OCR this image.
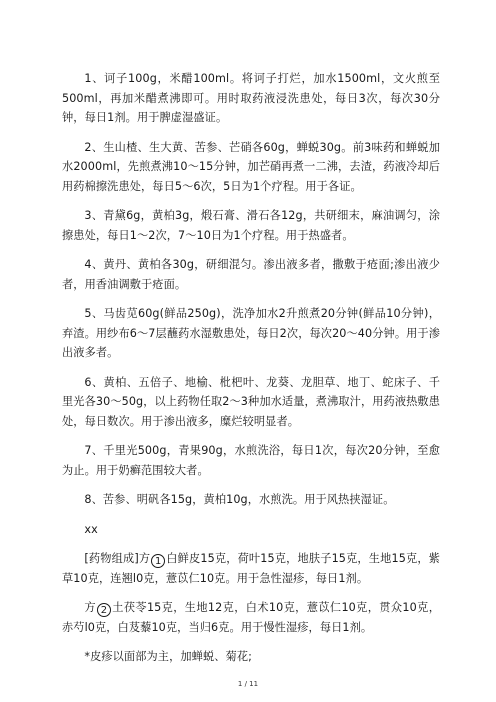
1、诃子100g，米醋100ml。将诃子打烂，加水1500ml，文火煎至500ml，再加米醋煮沸即可。用时取药液浸洗患处，每日3次，每次30分钟，每日1剂。用于脾虚湿盛证。

2、生山楂、生大黄、苦参、芒硝各60g，蝉蜕30g。前3味药和蝉蜕加水2000ml，先煎煮沸10～15分钟，加芒硝再煮一二沸，去渣，药液冷却后用药棉擦洗患处，每日5～6次，5日为1个疗程。用于各证。

3、青黛6g，黄柏3g，煅石膏、滑石各12g，共研细末，麻油调匀，涂擦患处，每日1～2次，7～10日为1个疗程。用于热盛者。

4、黄丹、黄柏各30g，研细混匀。渗出液多者，撒敷于疮面;渗出液少者，用香油调敷于疮面。

5、马齿苋60g(鲜品250g)，洗净加水2升煎煮20分钟(鲜品10分钟)，弃渣。用纱布6～7层蘸药水湿敷患处，每日2次，每次20～40分钟。用于渗出液多者。

6、黄柏、五倍子、地榆、枇杷叶、龙葵、龙胆草、地丁、蛇床子、千里光各30～50g，以上药物任取2～3种加水适量，煮沸取汁，用药液热敷患处，每日数次。用于渗出液多，糜烂较明显者。

7、千里光500g，青果90g，水煎洗浴，每日1次，每次20分钟，至愈为止。用于奶癣范围较大者。

8、苦参、明矾各15g，黄柏10g，水煎洗。用于风热挟湿证。

xx

[药物组成]方 1 白鲜皮15克，荷叶15克，地肤子15克，生地15克，紫草10克，连翘l0克，薏苡仁10克。用于急性湿疹，每日1剂。

方 2 土茯苓15克，生地12克，白术10克，薏苡仁10克，贯众10克，赤芍l0克，白芨藜10克，当归6克。用于慢性湿疹，每日1剂。

*皮疹以面部为主，加蝉蜕、菊花;

1 / 11
